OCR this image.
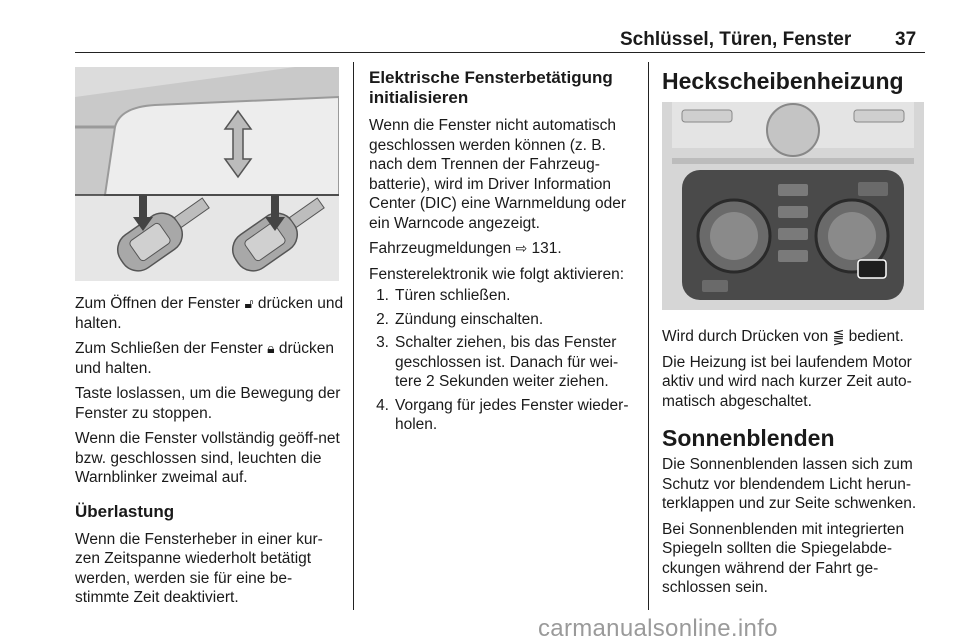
Schlüssel, Türen, Fenster 37

Zum Öffnen der Fenster 🔓︎ drücken und halten.

Zum Schließen der Fenster 🔒︎ drücken und halten.

Taste loslassen, um die Bewegung der Fenster zu stoppen.

Wenn die Fenster vollständig geöff-net bzw. geschlossen sind, leuchten die Warnblinker zweimal auf.

Überlastung

Wenn die Fensterheber in einer kur-zen Zeitspanne wiederholt betätigt werden, werden sie für eine be-stimmte Zeit deaktiviert.

Elektrische Fensterbetätigung initialisieren

Wenn die Fenster nicht automatisch geschlossen werden können (z. B. nach dem Trennen der Fahrzeug-batterie), wird im Driver Information Center (DIC) eine Warnmeldung oder ein Warncode angezeigt.

Fahrzeugmeldungen ⇨ 131.

Fensterelektronik wie folgt aktivieren:

1. Türen schließen.
2. Zündung einschalten.
3. Schalter ziehen, bis das Fenster geschlossen ist. Danach für wei-tere 2 Sekunden weiter ziehen.
4. Vorgang für jedes Fenster wieder-holen.
Heckscheibenheizung

Wird durch Drücken von ⪋ bedient.

Die Heizung ist bei laufendem Motor aktiv und wird nach kurzer Zeit auto-matisch abgeschaltet.

Sonnenblenden

Die Sonnenblenden lassen sich zum Schutz vor blendendem Licht herun-terklappen und zur Seite schwenken.

Bei Sonnenblenden mit integrierten Spiegeln sollten die Spiegelabde-ckungen während der Fahrt ge-schlossen sein.

carmanualsonline.info
